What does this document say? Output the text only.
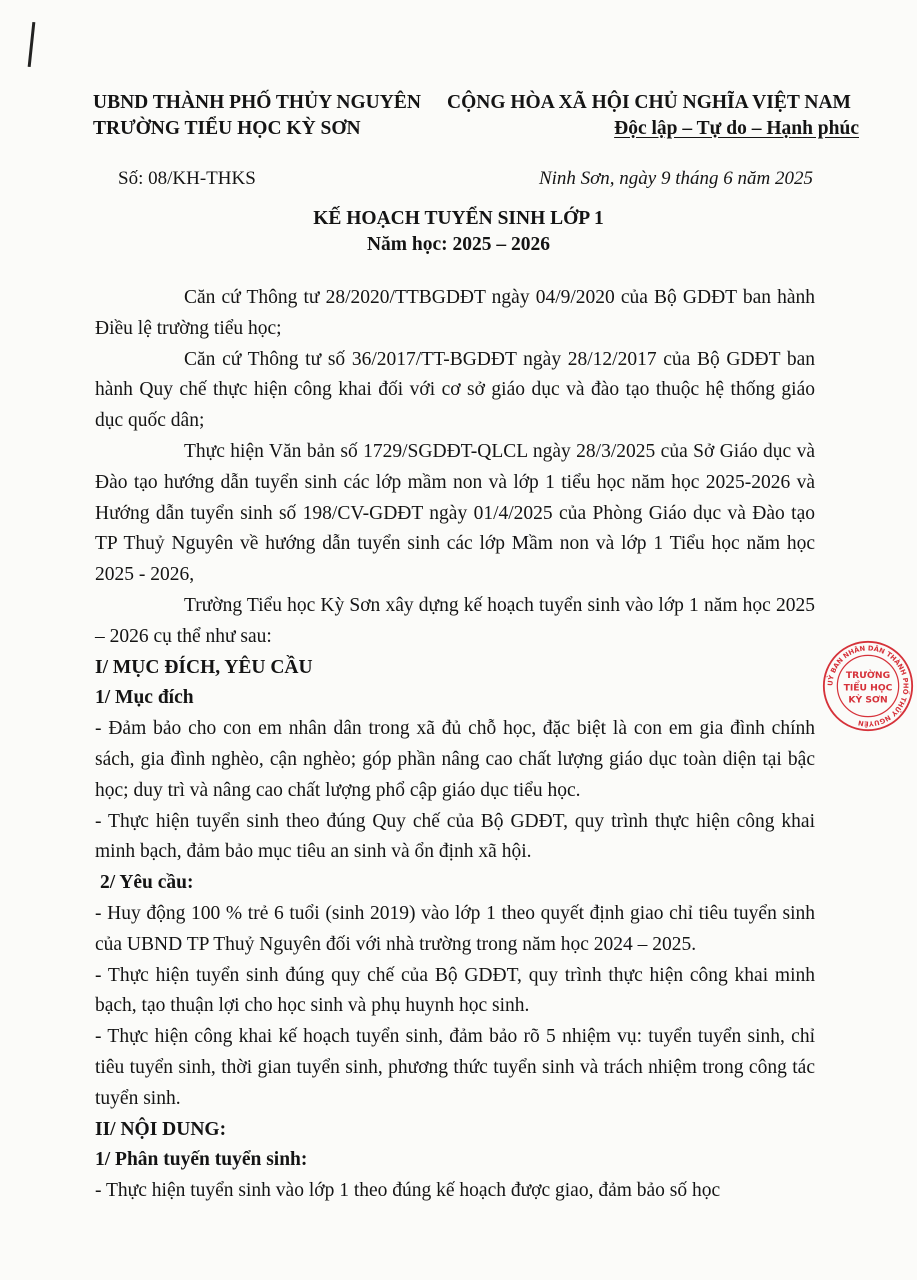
UBND THÀNH PHỐ THỦY NGUYÊN
TRƯỜNG TIỂU HỌC KỲ SƠN
CỘNG HÒA XÃ HỘI CHỦ NGHĨA VIỆT NAM
Độc lập – Tự do – Hạnh phúc
Số: 08/KH-THKS	Ninh Sơn, ngày 9 tháng 6 năm 2025
KẾ HOẠCH TUYỂN SINH LỚP 1
Năm học: 2025 – 2026

Căn cứ Thông tư 28/2020/TTBGDĐT ngày 04/9/2020 của Bộ GDĐT ban hành Điều lệ trường tiểu học;

Căn cứ Thông tư số 36/2017/TT-BGDĐT ngày 28/12/2017 của Bộ GDĐT ban hành Quy chế thực hiện công khai đối với cơ sở giáo dục và đào tạo thuộc hệ thống giáo dục quốc dân;

Thực hiện Văn bản số 1729/SGDĐT-QLCL ngày 28/3/2025 của Sở Giáo dục và Đào tạo hướng dẫn tuyển sinh các lớp mầm non và lớp 1 tiểu học năm học 2025-2026 và Hướng dẫn tuyển sinh số 198/CV-GDĐT ngày 01/4/2025 của Phòng Giáo dục và Đào tạo TP Thuỷ Nguyên về hướng dẫn tuyển sinh các lớp Mầm non và lớp 1 Tiểu học năm học 2025 - 2026,

Trường Tiểu học Kỳ Sơn xây dựng kế hoạch tuyển sinh vào lớp 1 năm học 2025 – 2026 cụ thể như sau:

I/ MỤC ĐÍCH, YÊU CẦU

1/ Mục đích

- Đảm bảo cho con em nhân dân trong xã đủ chỗ học, đặc biệt là con em gia đình chính sách, gia đình nghèo, cận nghèo; góp phần nâng cao chất lượng giáo dục toàn diện tại bậc học; duy trì và nâng cao chất lượng phổ cập giáo dục tiểu học.

- Thực hiện tuyển sinh theo đúng Quy chế của Bộ GDĐT, quy trình thực hiện công khai minh bạch, đảm bảo mục tiêu an sinh và ổn định xã hội.

2/ Yêu cầu:

- Huy động 100 % trẻ 6 tuổi (sinh 2019) vào lớp 1 theo quyết định giao chỉ tiêu tuyển sinh của UBND TP Thuỷ Nguyên đối với nhà trường trong năm học 2024 – 2025.

- Thực hiện tuyển sinh đúng quy chế của Bộ GDĐT, quy trình thực hiện công khai minh bạch, tạo thuận lợi cho học sinh và phụ huynh học sinh.

- Thực hiện công khai kế hoạch tuyển sinh, đảm bảo rõ 5 nhiệm vụ: tuyển tuyển sinh, chỉ tiêu tuyển sinh, thời gian tuyển sinh, phương thức tuyển sinh và trách nhiệm trong công tác tuyển sinh.

II/ NỘI DUNG:

1/ Phân tuyến tuyển sinh:

- Thực hiện tuyển sinh vào lớp 1 theo đúng kế hoạch được giao, đảm bảo số học

UỶ BAN NHÂN DÂN THÀNH PHỐ THỦY NGUYÊN
TRƯỜNG
TIỂU HỌC
KỲ SƠN
